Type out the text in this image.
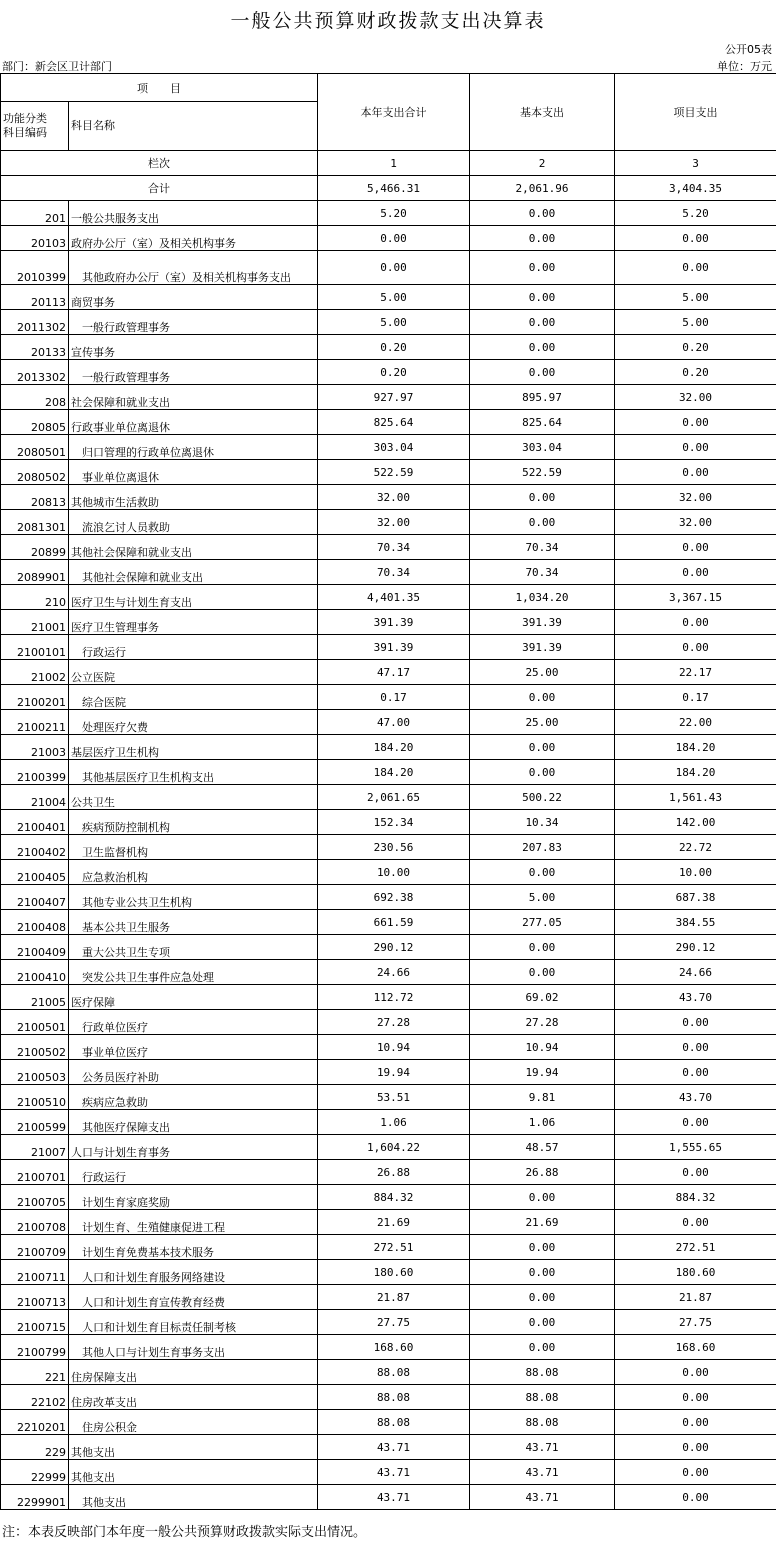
一般公共预算财政拨款支出决算表
公开05表
部门：新会区卫计部门	单位：万元
项　　目		本年支出合计	基本支出	项目支出

功能分类
科目编码	科目名称			
栏次		1	2	3
合计		5,466.31	2,061.96	3,404.35
201	一般公共服务支出	5.20	0.00	5.20
20103	政府办公厅（室）及相关机构事务	0.00	0.00	0.00
2010399	　其他政府办公厅（室）及相关机构事务支出	0.00	0.00	0.00
20113	商贸事务	5.00	0.00	5.00
2011302	　一般行政管理事务	5.00	0.00	5.00
20133	宣传事务	0.20	0.00	0.20
2013302	　一般行政管理事务	0.20	0.00	0.20
208	社会保障和就业支出	927.97	895.97	32.00
20805	行政事业单位离退休	825.64	825.64	0.00
2080501	　归口管理的行政单位离退休	303.04	303.04	0.00
2080502	　事业单位离退休	522.59	522.59	0.00
20813	其他城市生活救助	32.00	0.00	32.00
2081301	　流浪乞讨人员救助	32.00	0.00	32.00
20899	其他社会保障和就业支出	70.34	70.34	0.00
2089901	　其他社会保障和就业支出	70.34	70.34	0.00
210	医疗卫生与计划生育支出	4,401.35	1,034.20	3,367.15
21001	医疗卫生管理事务	391.39	391.39	0.00
2100101	　行政运行	391.39	391.39	0.00
21002	公立医院	47.17	25.00	22.17
2100201	　综合医院	0.17	0.00	0.17
2100211	　处理医疗欠费	47.00	25.00	22.00
21003	基层医疗卫生机构	184.20	0.00	184.20
2100399	　其他基层医疗卫生机构支出	184.20	0.00	184.20
21004	公共卫生	2,061.65	500.22	1,561.43
2100401	　疾病预防控制机构	152.34	10.34	142.00
2100402	　卫生监督机构	230.56	207.83	22.72
2100405	　应急救治机构	10.00	0.00	10.00
2100407	　其他专业公共卫生机构	692.38	5.00	687.38
2100408	　基本公共卫生服务	661.59	277.05	384.55
2100409	　重大公共卫生专项	290.12	0.00	290.12
2100410	　突发公共卫生事件应急处理	24.66	0.00	24.66
21005	医疗保障	112.72	69.02	43.70
2100501	　行政单位医疗	27.28	27.28	0.00
2100502	　事业单位医疗	10.94	10.94	0.00
2100503	　公务员医疗补助	19.94	19.94	0.00
2100510	　疾病应急救助	53.51	9.81	43.70
2100599	　其他医疗保障支出	1.06	1.06	0.00
21007	人口与计划生育事务	1,604.22	48.57	1,555.65
2100701	　行政运行	26.88	26.88	0.00
2100705	　计划生育家庭奖励	884.32	0.00	884.32
2100708	　计划生育、生殖健康促进工程	21.69	21.69	0.00
2100709	　计划生育免费基本技术服务	272.51	0.00	272.51
2100711	　人口和计划生育服务网络建设	180.60	0.00	180.60
2100713	　人口和计划生育宣传教育经费	21.87	0.00	21.87
2100715	　人口和计划生育目标责任制考核	27.75	0.00	27.75
2100799	　其他人口与计划生育事务支出	168.60	0.00	168.60
221	住房保障支出	88.08	88.08	0.00
22102	住房改革支出	88.08	88.08	0.00
2210201	　住房公积金	88.08	88.08	0.00
229	其他支出	43.71	43.71	0.00
22999	其他支出	43.71	43.71	0.00
2299901	　其他支出	43.71	43.71	0.00
注：本表反映部门本年度一般公共预算财政拨款实际支出情况。
